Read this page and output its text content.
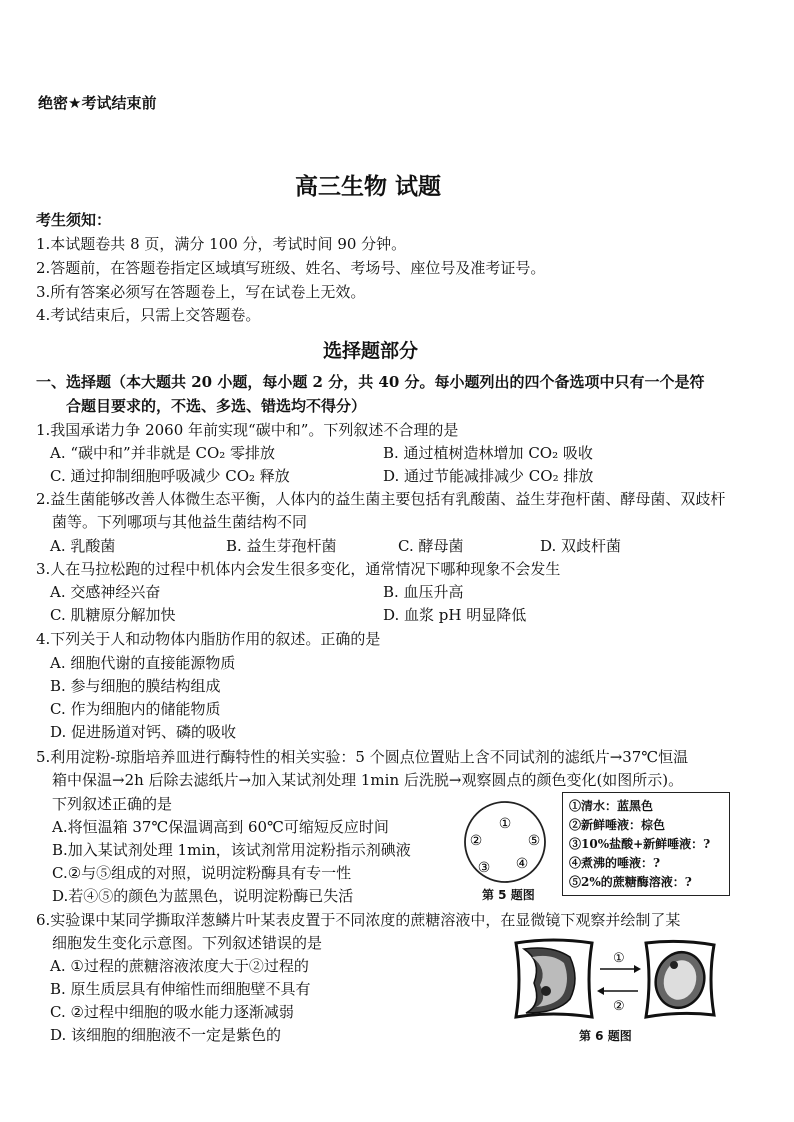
绝密★考试结束前
高三生物 试题
考生须知：
1.本试题卷共 8 页，满分 100 分，考试时间 90 分钟。
2.答题前，在答题卷指定区域填写班级、姓名、考场号、座位号及准考证号。
3.所有答案必须写在答题卷上，写在试卷上无效。
4.考试结束后，只需上交答题卷。
选择题部分
一、选择题（本大题共 20 小题，每小题 2 分，共 40 分。每小题列出的四个备选项中只有一个是符
合题目要求的，不选、多选、错选均不得分）
1.我国承诺力争 2060 年前实现“碳中和”。下列叙述不合理的是
A. “碳中和”并非就是 CO₂ 零排放	B. 通过植树造林增加 CO₂ 吸收
C. 通过抑制细胞呼吸减少 CO₂ 释放	D. 通过节能减排减少 CO₂ 排放
2.益生菌能够改善人体微生态平衡，人体内的益生菌主要包括有乳酸菌、益生芽孢杆菌、酵母菌、双歧杆
菌等。下列哪项与其他益生菌结构不同
A. 乳酸菌	B. 益生芽孢杆菌	C. 酵母菌	D. 双歧杆菌
3.人在马拉松跑的过程中机体内会发生很多变化，通常情况下哪种现象不会发生
A. 交感神经兴奋	B. 血压升高
C. 肌糖原分解加快	D. 血浆 pH 明显降低
4.下列关于人和动物体内脂肪作用的叙述。正确的是
A. 细胞代谢的直接能源物质
B. 参与细胞的膜结构组成
C. 作为细胞内的储能物质
D. 促进肠道对钙、磷的吸收
5.利用淀粉-琼脂培养皿进行酶特性的相关实验：5 个圆点位置贴上含不同试剂的滤纸片→37℃恒温
箱中保温→2h 后除去滤纸片→加入某试剂处理 1min 后洗脱→观察圆点的颜色变化(如图所示)。
下列叙述正确的是
A.将恒温箱 37℃保温调高到 60℃可缩短反应时间
B.加入某试剂处理 1min，该试剂常用淀粉指示剂碘液
C.②与⑤组成的对照，说明淀粉酶具有专一性
D.若④⑤的颜色为蓝黑色，说明淀粉酶已失活
①
②
③ ④
⑤
第 5 题图
①清水：蓝黑色
②新鲜唾液：棕色
③10%盐酸+新鲜唾液：?
④煮沸的唾液：?
⑤2%的蔗糖酶溶液：?
6.实验课中某同学撕取洋葱鳞片叶某表皮置于不同浓度的蔗糖溶液中，在显微镜下观察并绘制了某
细胞发生变化示意图。下列叙述错误的是
A. ①过程的蔗糖溶液浓度大于②过程的
B. 原生质层具有伸缩性而细胞壁不具有
C. ②过程中细胞的吸水能力逐渐减弱
D. 该细胞的细胞液不一定是紫色的
①
②
第 6 题图
